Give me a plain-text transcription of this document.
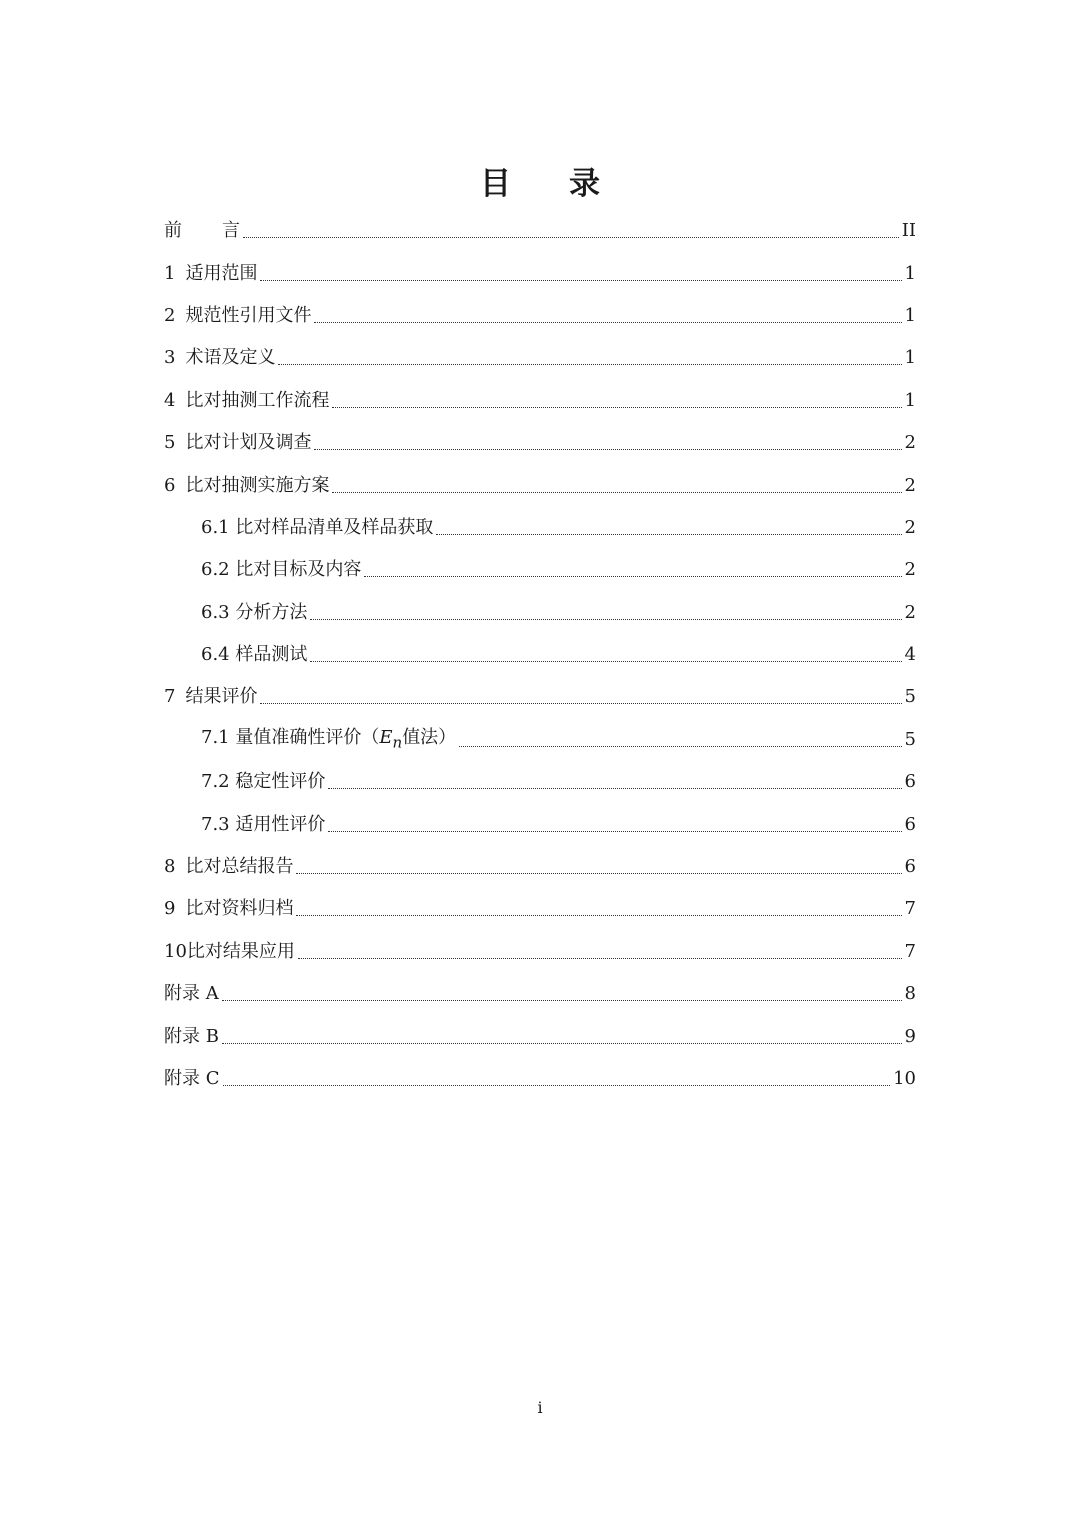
目 录
前 言	II
1 适用范围	1
2 规范性引用文件	1
3 术语及定义	1
4 比对抽测工作流程	1
5 比对计划及调查	2
6 比对抽测实施方案	2
6.1 比对样品清单及样品获取	2
6.2 比对目标及内容	2
6.3 分析方法	2
6.4 样品测试	4
7 结果评价	5
7.1 量值准确性评价（$E_n$值法）	5
7.2 稳定性评价	6
7.3 适用性评价	6
8 比对总结报告	6
9 比对资料归档	7
10比对结果应用	7
附录 A	8
附录 B	9
附录 C	10
i
